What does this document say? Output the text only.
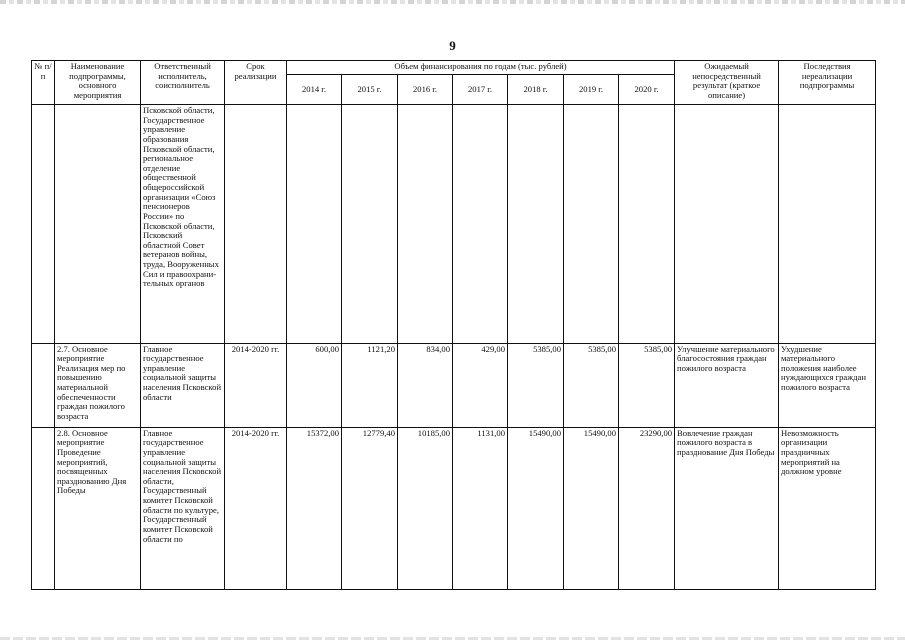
9
№ п/п	Наименование подпрограммы, основного мероприятия	Ответственный исполнитель, соисполнитель	Срок реализации	Объем финансирования по годам (тыс. рублей)							Ожидаемый непосредственный результат (краткое описание)	Последствия нереализации подпрограммы
				2014 г.	2015 г.	2016 г.	2017 г.	2018 г.	2019 г.	2020 г.		
		Псковской области, Государственное управление образования Псковской области, региональное отделение общественной общероссийской организации «Союз пенсионеров России» по Псковской области, Псковский областной Совет ветеранов войны, труда, Вооруженных Сил и правоохрани-тельных органов										
	2.7. Основное мероприятие Реализация мер по повышению материальной обеспеченности граждан пожилого возраста	Главное государственное управление социальной защиты населения Псковской области	2014-2020 гг.	600,00	1121,20	834,00	429,00	5385,00	5385,00	5385,00	Улучшение материального благосостояния граждан пожилого возраста	Ухудшение материального положения наиболее нуждающихся граждан пожилого возраста
	2.8. Основное мероприятие Проведение мероприятий, посвященных празднованию Дня Победы	Главное государственное управление социальной защиты населения Псковской области, Государственный комитет Псковской области по культуре, Государственный комитет Псковской области по	2014-2020 гг.	15372,00	12779,40	10185,00	1131,00	15490,00	15490,00	23290,00	Вовлечение граждан пожилого возраста в празднование Дня Победы	Невозможность организации праздничных мероприятий на должном уровне
